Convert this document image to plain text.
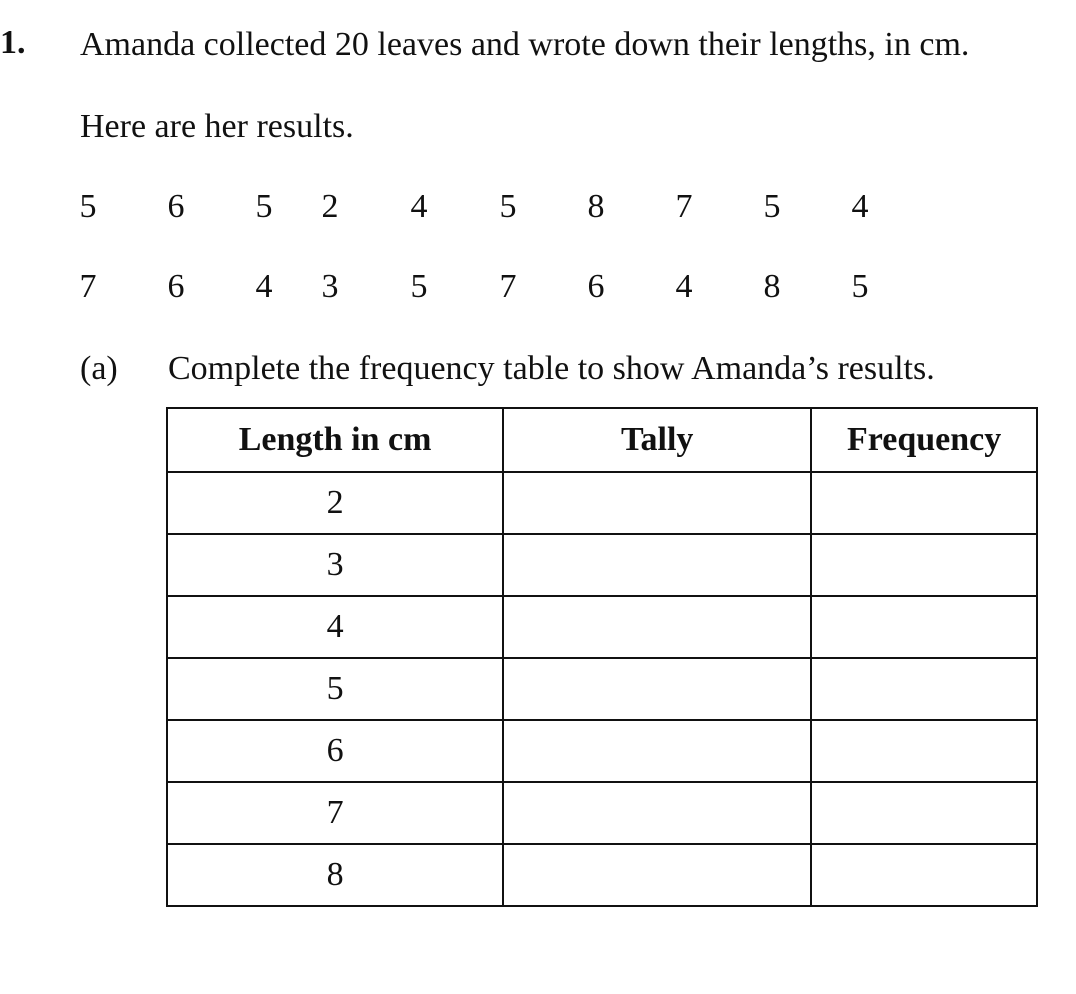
1. Amanda collected 20 leaves and wrote down their lengths, in cm.
Here are her results.
5 6 5 2 4 5 8 7 5 4
7 6 4 3 5 7 6 4 8 5
(a) Complete the frequency table to show Amanda’s results.
Length in cm	Tally	Frequency
2		
3		
4		
5		
6		
7		
8		
